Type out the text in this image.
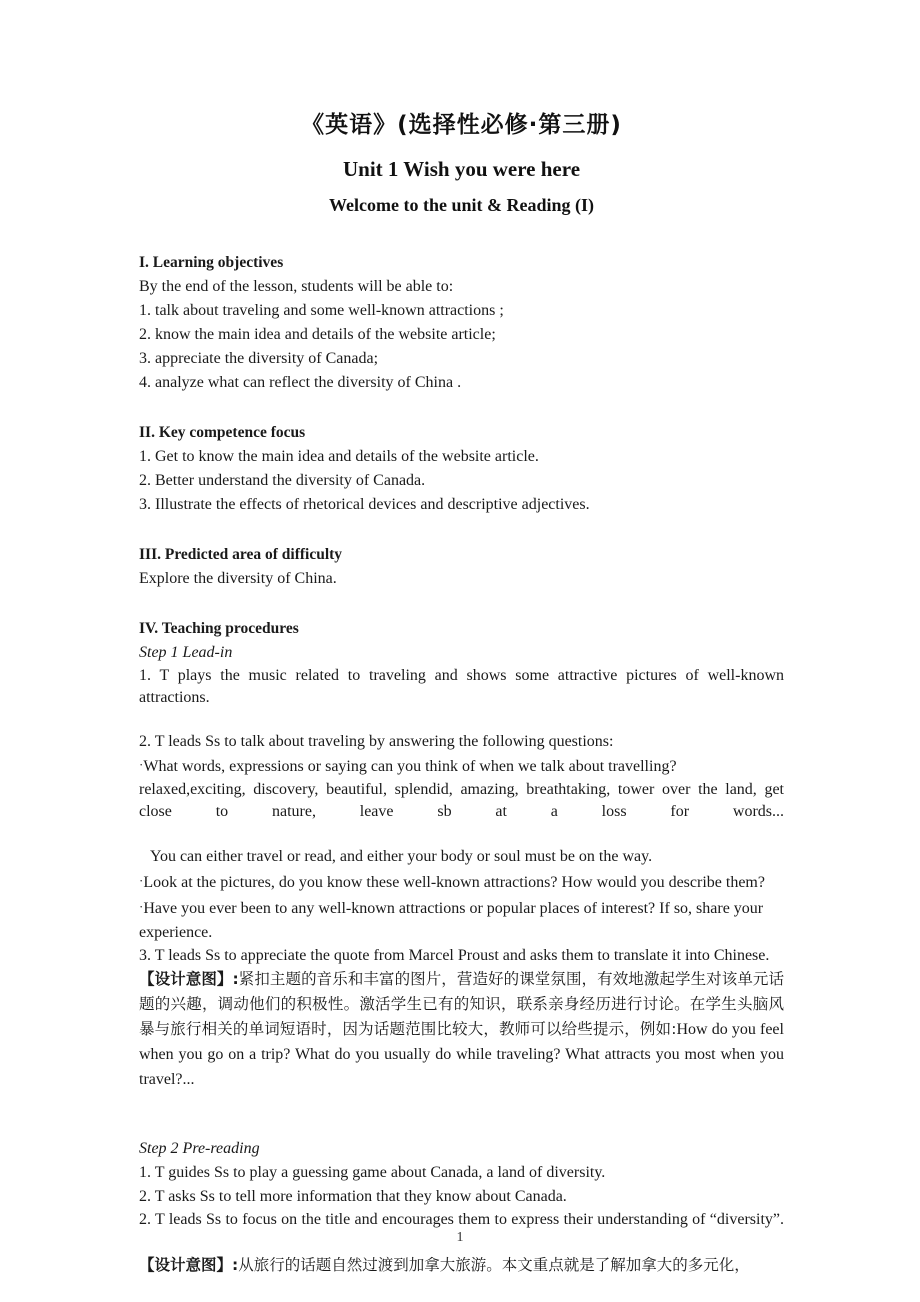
《英语》(选择性必修·第三册)
Unit 1 Wish you were here
Welcome to the unit & Reading (I)

I. Learning objectives

By the end of the lesson, students will be able to:

1. talk about traveling and some well-known attractions ;

2. know the main idea and details of the website article;

3. appreciate the diversity of Canada;

4. analyze what can reflect the diversity of China .

II. Key competence focus

1. Get to know the main idea and details of the website article.

2. Better understand the diversity of Canada.

3. Illustrate the effects of rhetorical devices and descriptive adjectives.

III. Predicted area of difficulty

Explore the diversity of China.

IV. Teaching procedures

Step 1 Lead-in

1. T plays the music related to traveling and shows some attractive pictures of well-known attractions.

2. T leads Ss to talk about traveling by answering the following questions:

·What words, expressions or saying can you think of when we talk about travelling?

relaxed,exciting, discovery, beautiful, splendid, amazing, breathtaking, tower over the land, get close to nature, leave sb at a loss for words...

You can either travel or read, and either your body or soul must be on the way.

·Look at the pictures, do you know these well-known attractions? How would you describe them?

·Have you ever been to any well-known attractions or popular places of interest? If so, share your experience.

3. T leads Ss to appreciate the quote from Marcel Proust and asks them to translate it into Chinese.

【设计意图】:紧扣主题的音乐和丰富的图片，营造好的课堂氛围，有效地激起学生对该单元话题的兴趣，调动他们的积极性。激活学生已有的知识，联系亲身经历进行讨论。在学生头脑风暴与旅行相关的单词短语时，因为话题范围比较大，教师可以给些提示，例如:How do you feel when you go on a trip? What do you usually do while traveling? What attracts you most when you travel?...

Step 2 Pre-reading

1. T guides Ss to play a guessing game about Canada, a land of diversity.

2. T asks Ss to tell more information that they know about Canada.

2. T leads Ss to focus on the title and encourages them to express their understanding of “diversity”.

【设计意图】:从旅行的话题自然过渡到加拿大旅游。本文重点就是了解加拿大的多元化，

1
